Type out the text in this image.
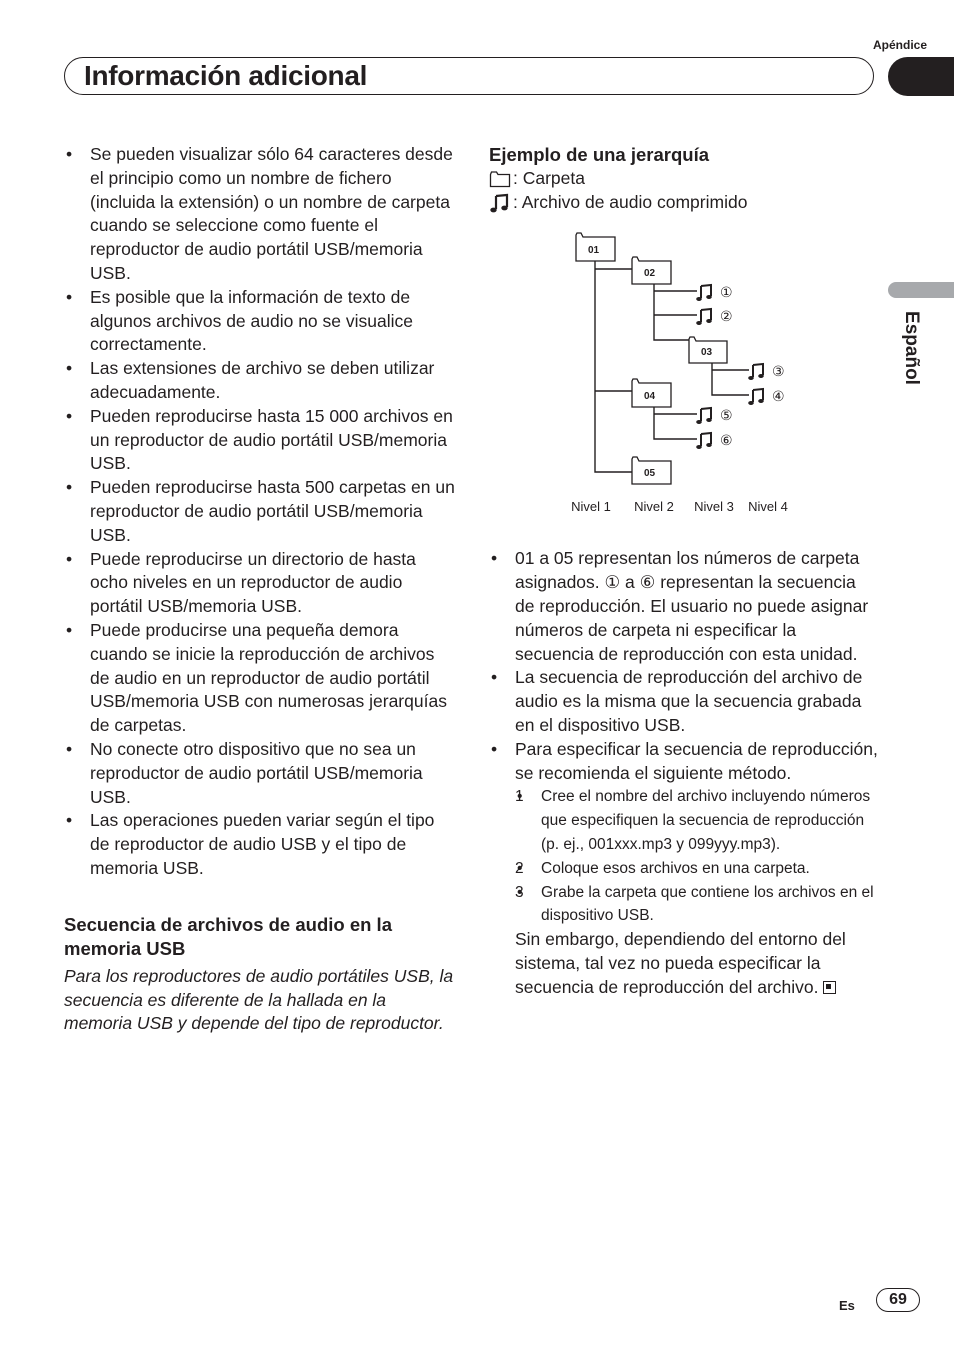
Apéndice
Información adicional
Español
• Se pueden visualizar sólo 64 caracteres desde el principio como un nombre de fichero (incluida la extensión) o un nombre de carpeta cuando se seleccione como fuente el reproductor de audio portátil USB/memoria USB.
• Es posible que la información de texto de algunos archivos de audio no se visualice correctamente.
• Las extensiones de archivo se deben utilizar adecuadamente.
• Pueden reproducirse hasta 15 000 archivos en un reproductor de audio portátil USB/memoria USB.
• Pueden reproducirse hasta 500 carpetas en un reproductor de audio portátil USB/memoria USB.
• Puede reproducirse un directorio de hasta ocho niveles en un reproductor de audio portátil USB/memoria USB.
• Puede producirse una pequeña demora cuando se inicie la reproducción de archivos de audio en un reproductor de audio portátil USB/memoria USB con numerosas jerarquías de carpetas.
• No conecte otro dispositivo que no sea un reproductor de audio portátil USB/memoria USB.
• Las operaciones pueden variar según el tipo de reproductor de audio USB y el tipo de memoria USB.
Secuencia de archivos de audio en la memoria USB

Para los reproductores de audio portátiles USB, la secuencia es diferente de la hallada en la memoria USB y depende del tipo de reproductor.

Ejemplo de una jerarquía
: Carpeta
: Archivo de audio comprimido
01
02
03
04
05
①
②
③
④
⑤
⑥
Nivel 1 Nivel 2 Nivel 3 Nivel 4
• 01 a 05 representan los números de carpeta asignados. ① a ⑥ representan la secuencia de reproducción. El usuario no puede asignar números de carpeta ni especificar la secuencia de reproducción con esta unidad.
• La secuencia de reproducción del archivo de audio es la misma que la secuencia grabada en el dispositivo USB.
• Para especificar la secuencia de reproducción, se recomienda el siguiente método.
• 1 Cree el nombre del archivo incluyendo números que especifiquen la secuencia de reproducción (p. ej., 001xxx.mp3 y 099yyy.mp3).
• 2 Coloque esos archivos en una carpeta.
• 3 Grabe la carpeta que contiene los archivos en el dispositivo USB.

Sin embargo, dependiendo del entorno del sistema, tal vez no pueda especificar la secuencia de reproducción del archivo.

Es	69
